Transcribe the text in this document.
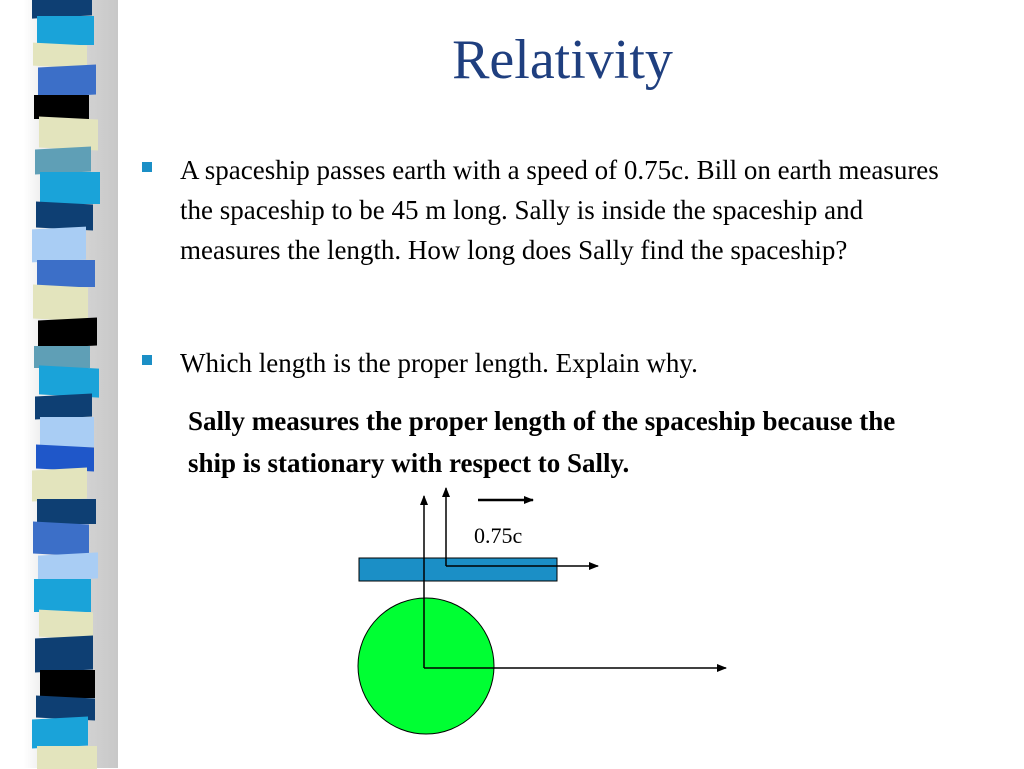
Relativity
A spaceship passes earth with a speed of 0.75c. Bill on earth measures the spaceship to be 45 m long. Sally is inside the spaceship and measures the length. How long does Sally find the spaceship?
Which length is the proper length. Explain why.
Sally measures the proper length of the spaceship because the ship is stationary with respect to Sally.
0.75c
